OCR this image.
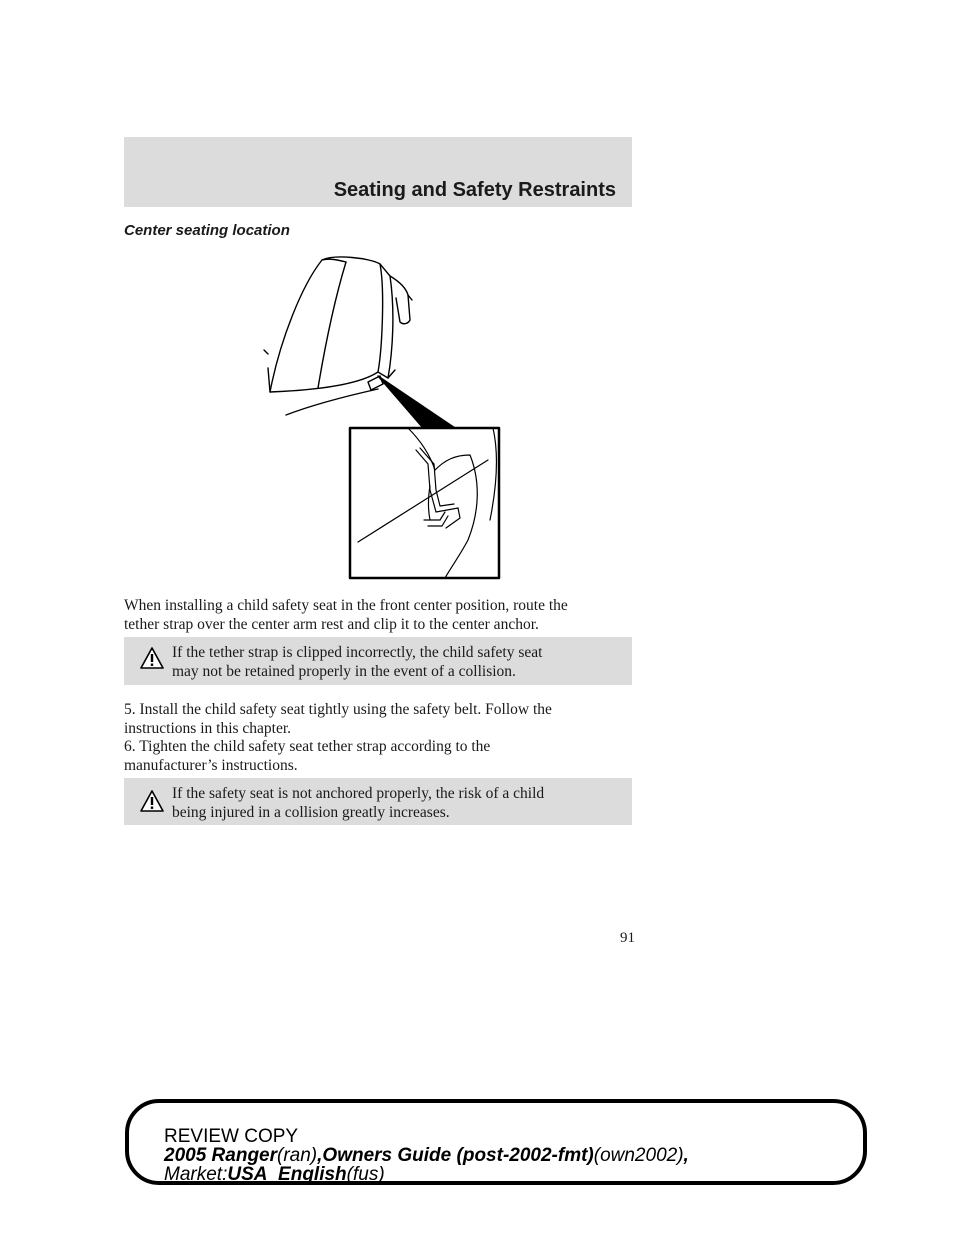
Seating and Safety Restraints
Center seating location

When installing a child safety seat in the front center position, route the
tether strap over the center arm rest and clip it to the center anchor.

If the tether strap is clipped incorrectly, the child safety seat
may not be retained properly in the event of a collision.

5. Install the child safety seat tightly using the safety belt. Follow the
instructions in this chapter.

6. Tighten the child safety seat tether strap according to the
manufacturer’s instructions.

If the safety seat is not anchored properly, the risk of a child
being injured in a collision greatly increases.

91
REVIEW COPY
2005 Ranger(ran),Owners Guide (post-2002-fmt)(own2002),
Market:USA_English(fus)
